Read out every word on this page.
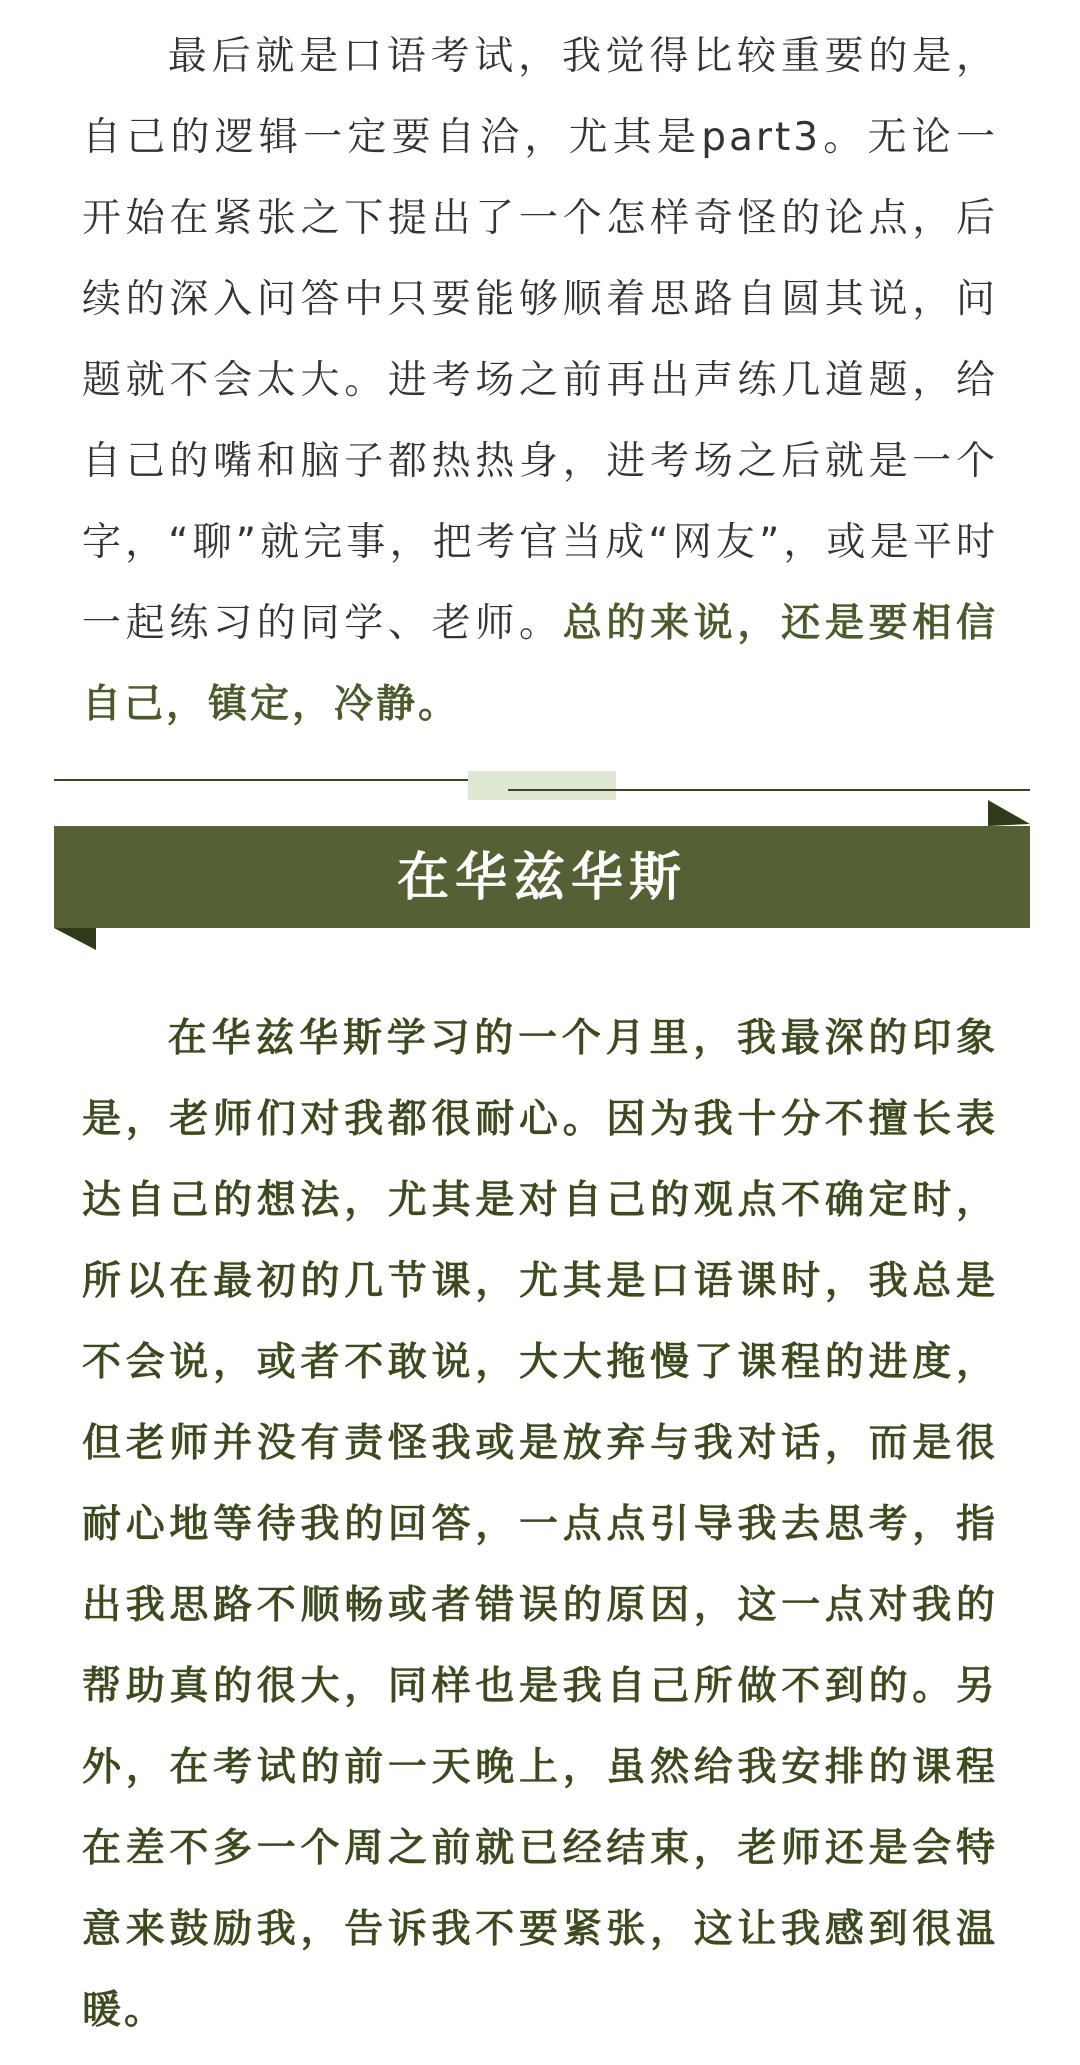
最后就是口语考试，我觉得比较重要的是，自己的逻辑一定要自洽，尤其是part3。无论一开始在紧张之下提出了一个怎样奇怪的论点，后续的深入问答中只要能够顺着思路自圆其说，问题就不会太大。进考场之前再出声练几道题，给自己的嘴和脑子都热热身，进考场之后就是一个字，“聊”就完事，把考官当成“网友”，或是平时一起练习的同学、老师。总的来说，还是要相信自己，镇定，冷静。

在华兹华斯

在华兹华斯学习的一个月里，我最深的印象是，老师们对我都很耐心。因为我十分不擅长表达自己的想法，尤其是对自己的观点不确定时，所以在最初的几节课，尤其是口语课时，我总是不会说，或者不敢说，大大拖慢了课程的进度，但老师并没有责怪我或是放弃与我对话，而是很耐心地等待我的回答，一点点引导我去思考，指出我思路不顺畅或者错误的原因，这一点对我的帮助真的很大，同样也是我自己所做不到的。另外，在考试的前一天晚上，虽然给我安排的课程在差不多一个周之前就已经结束，老师还是会特意来鼓励我，告诉我不要紧张，这让我感到很温暖。
